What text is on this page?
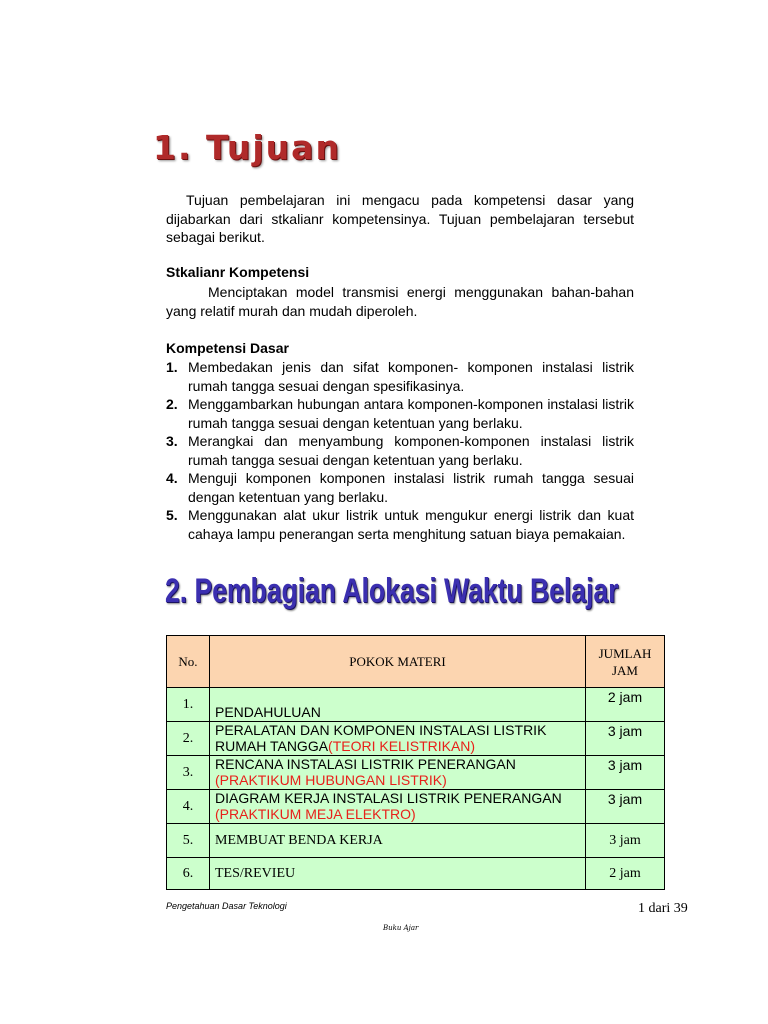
1. Tujuan
Tujuan pembelajaran ini mengacu pada kompetensi dasar yang dijabarkan dari stkalianr kompetensinya. Tujuan pembelajaran tersebut sebagai berikut.
Stkalianr Kompetensi
Menciptakan model transmisi energi menggunakan bahan-bahan yang relatif murah dan mudah diperoleh.
Kompetensi Dasar
1. Membedakan jenis dan sifat komponen- komponen instalasi listrik rumah tangga sesuai dengan spesifikasinya.
2. Menggambarkan hubungan antara komponen-komponen instalasi listrik rumah tangga sesuai dengan ketentuan yang berlaku.
3. Merangkai dan menyambung komponen-komponen instalasi listrik rumah tangga sesuai dengan ketentuan yang berlaku.
4. Menguji komponen komponen instalasi listrik rumah tangga sesuai dengan ketentuan yang berlaku.
5. Menggunakan alat ukur listrik untuk mengukur energi listrik dan kuat cahaya lampu penerangan serta menghitung satuan biaya pemakaian.
2. Pembagian Alokasi Waktu Belajar
No.	POKOK MATERI	JUMLAH
JAM
1.	PENDAHULUAN	2 jam
2.	PERALATAN DAN KOMPONEN INSTALASI LISTRIK RUMAH TANGGA(TEORI KELISTRIKAN)	3 jam
3.	RENCANA INSTALASI LISTRIK PENERANGAN
(PRAKTIKUM HUBUNGAN LISTRIK)	3 jam
4.	DIAGRAM KERJA INSTALASI LISTRIK PENERANGAN
(PRAKTIKUM MEJA ELEKTRO)	3 jam
5.	MEMBUAT BENDA KERJA	3 jam
6.	TES/REVIEU	2 jam
Pengetahuan Dasar Teknologi	1 dari 39
Buku Ajar
